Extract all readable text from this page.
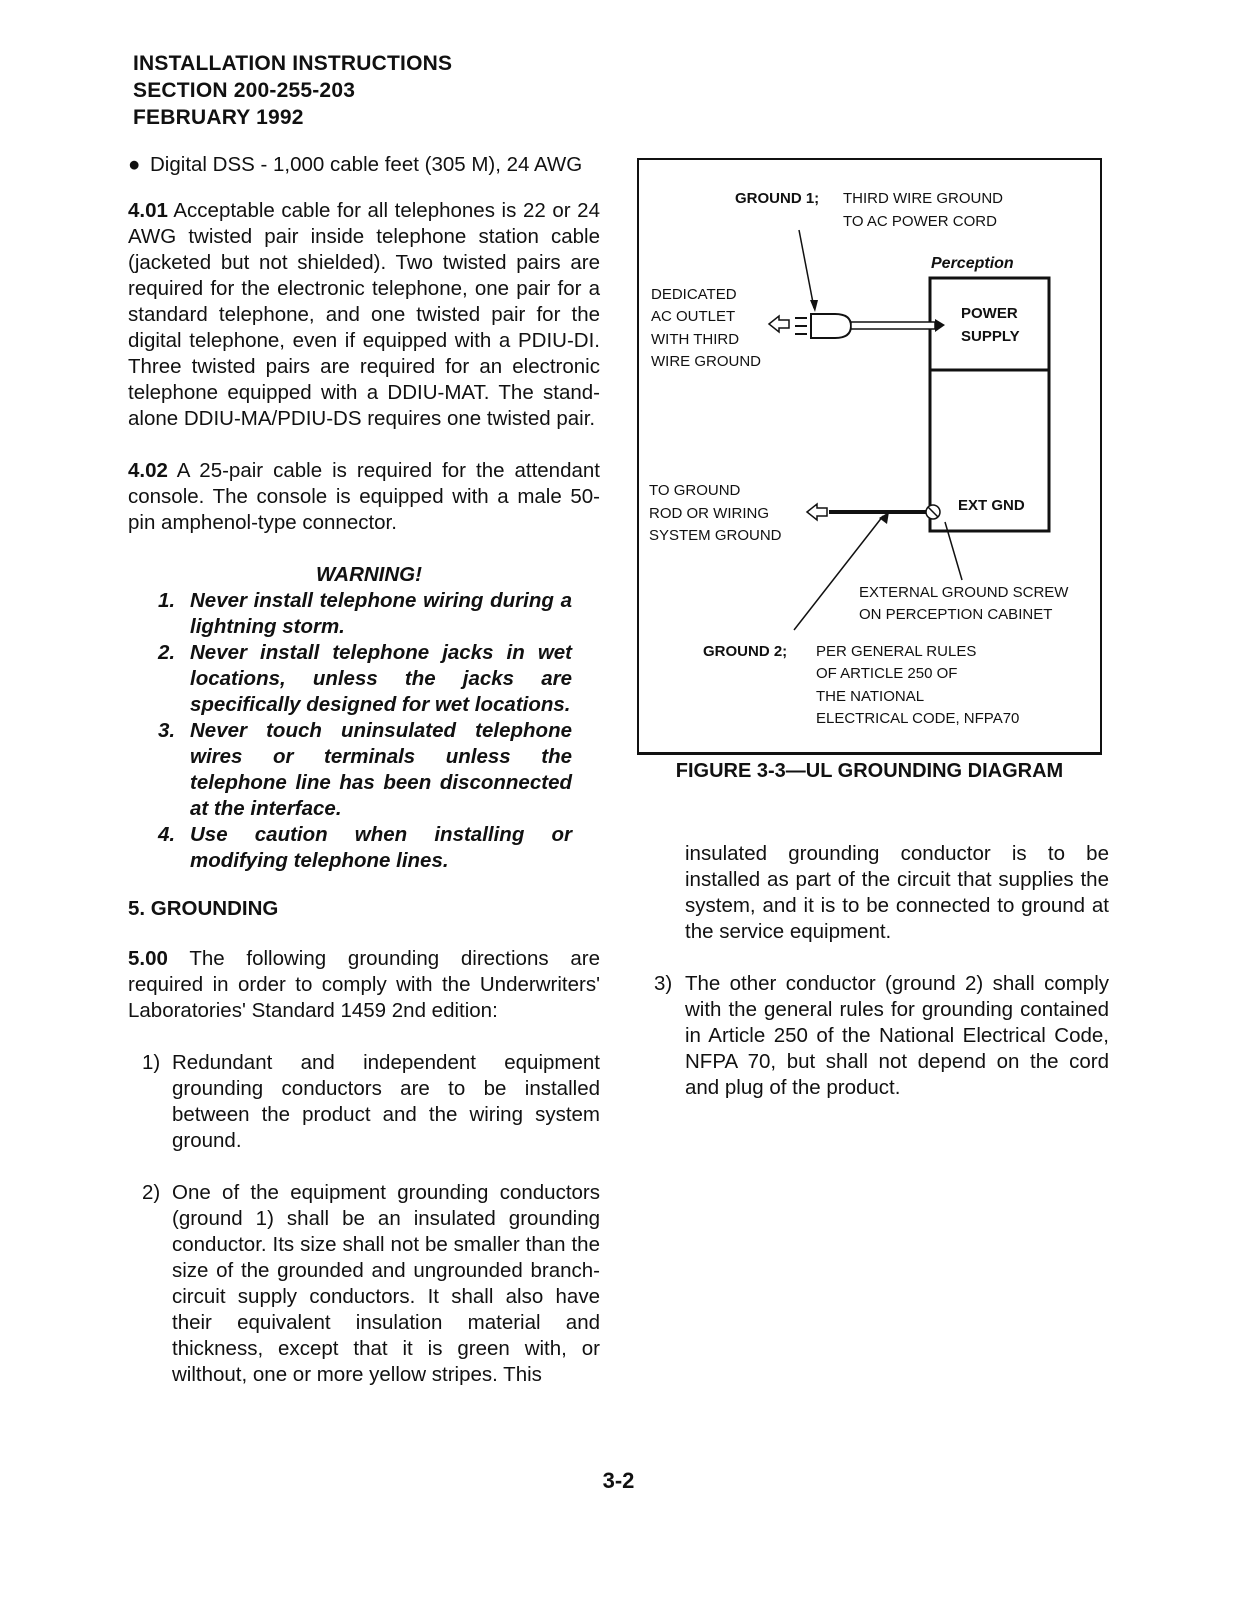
INSTALLATION INSTRUCTIONS
SECTION 200-255-203
FEBRUARY 1992

● Digital DSS - 1,000 cable feet (305 M), 24 AWG

4.01 Acceptable cable for all telephones is 22 or 24 AWG twisted pair inside telephone station cable (jacketed but not shielded). Two twisted pairs are required for the electronic telephone, one pair for a standard telephone, and one twisted pair for the digital telephone, even if equipped with a PDIU-DI. Three twisted pairs are required for an electronic telephone equipped with a DDIU-MAT. The stand-alone DDIU-MA/PDIU-DS requires one twisted pair.

4.02 A 25-pair cable is required for the attendant console. The console is equipped with a male 50-pin amphenol-type connector.

WARNING!
1. Never install telephone wiring during a lightning storm.
2. Never install telephone jacks in wet locations, unless the jacks are specifically designed for wet locations.
3. Never touch uninsulated telephone wires or terminals unless the telephone line has been disconnected at the interface.
4. Use caution when installing or modifying telephone lines.
5. GROUNDING

5.00 The following grounding directions are required in order to comply with the Underwriters' Laboratories' Standard 1459 2nd edition:

1) Redundant and independent equipment grounding conductors are to be installed between the product and the wiring system ground.
2) One of the equipment grounding conductors (ground 1) shall be an insulated grounding conductor. Its size shall not be smaller than the size of the grounded and ungrounded branch-circuit supply conductors. It shall also have their equivalent insulation material and thickness, except that it is green with, or wilthout, one or more yellow stripes. This
GROUND 1; THIRD WIRE GROUND
TO AC POWER CORD
Perception
DEDICATED
AC OUTLET
WITH THIRD
WIRE GROUND
POWER
SUPPLY
TO GROUND
ROD OR WIRING
SYSTEM GROUND
EXT GND
EXTERNAL GROUND SCREW
ON PERCEPTION CABINET
GROUND 2; PER GENERAL RULES
OF ARTICLE 250 OF
THE NATIONAL
ELECTRICAL CODE, NFPA70
FIGURE 3-3—UL GROUNDING DIAGRAM

insulated grounding conductor is to be installed as part of the circuit that supplies the system, and it is to be connected to ground at the service equipment.

3) The other conductor (ground 2) shall comply with the general rules for grounding contained in Article 250 of the National Electrical Code, NFPA 70, but shall not depend on the cord and plug of the product.
3-2
